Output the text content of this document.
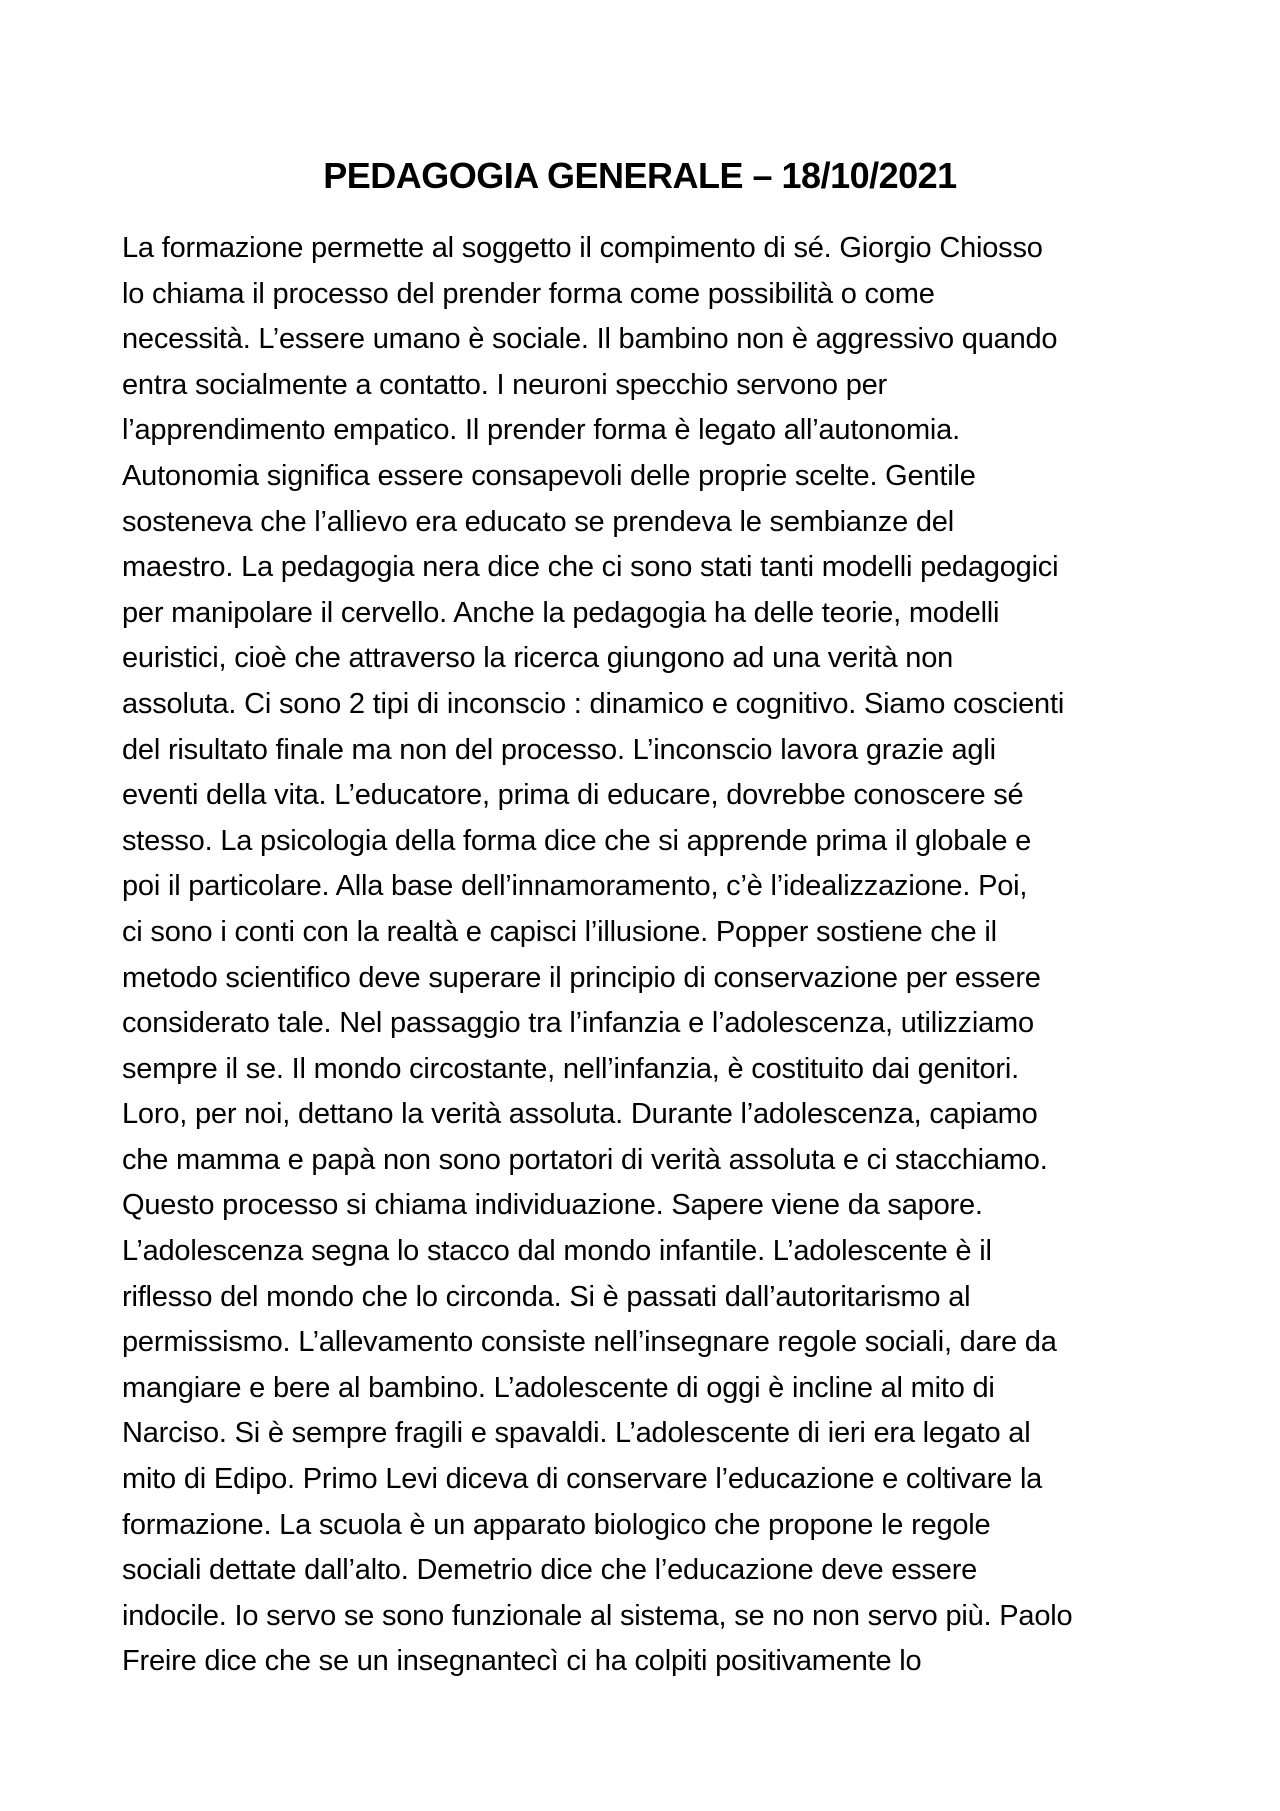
PEDAGOGIA GENERALE – 18/10/2021
La formazione permette al soggetto il compimento di sé. Giorgio Chiosso
lo chiama il processo del prender forma come possibilità o come
necessità. L’essere umano è sociale. Il bambino non è aggressivo quando
entra socialmente a contatto. I neuroni specchio servono per
l’apprendimento empatico. Il prender forma è legato all’autonomia.
Autonomia significa essere consapevoli delle proprie scelte. Gentile
sosteneva che l’allievo era educato se prendeva le sembianze del
maestro. La pedagogia nera dice che ci sono stati tanti modelli pedagogici
per manipolare il cervello. Anche la pedagogia ha delle teorie, modelli
euristici, cioè che attraverso la ricerca giungono ad una verità non
assoluta. Ci sono 2 tipi di inconscio : dinamico e cognitivo. Siamo coscienti
del risultato finale ma non del processo. L’inconscio lavora grazie agli
eventi della vita. L’educatore, prima di educare, dovrebbe conoscere sé
stesso. La psicologia della forma dice che si apprende prima il globale e
poi il particolare. Alla base dell’innamoramento, c’è l’idealizzazione. Poi,
ci sono i conti con la realtà e capisci l’illusione. Popper sostiene che il
metodo scientifico deve superare il principio di conservazione per essere
considerato tale. Nel passaggio tra l’infanzia e l’adolescenza, utilizziamo
sempre il se. Il mondo circostante, nell’infanzia, è costituito dai genitori.
Loro, per noi, dettano la verità assoluta. Durante l’adolescenza, capiamo
che mamma e papà non sono portatori di verità assoluta e ci stacchiamo.
Questo processo si chiama individuazione. Sapere viene da sapore.
L’adolescenza segna lo stacco dal mondo infantile. L’adolescente è il
riflesso del mondo che lo circonda. Si è passati dall’autoritarismo al
permissismo. L’allevamento consiste nell’insegnare regole sociali, dare da
mangiare e bere al bambino. L’adolescente di oggi è incline al mito di
Narciso. Si è sempre fragili e spavaldi. L’adolescente di ieri era legato al
mito di Edipo. Primo Levi diceva di conservare l’educazione e coltivare la
formazione. La scuola è un apparato biologico che propone le regole
sociali dettate dall’alto. Demetrio dice che l’educazione deve essere
indocile. Io servo se sono funzionale al sistema, se no non servo più. Paolo
Freire dice che se un insegnantecì ci ha colpiti positivamente lo
